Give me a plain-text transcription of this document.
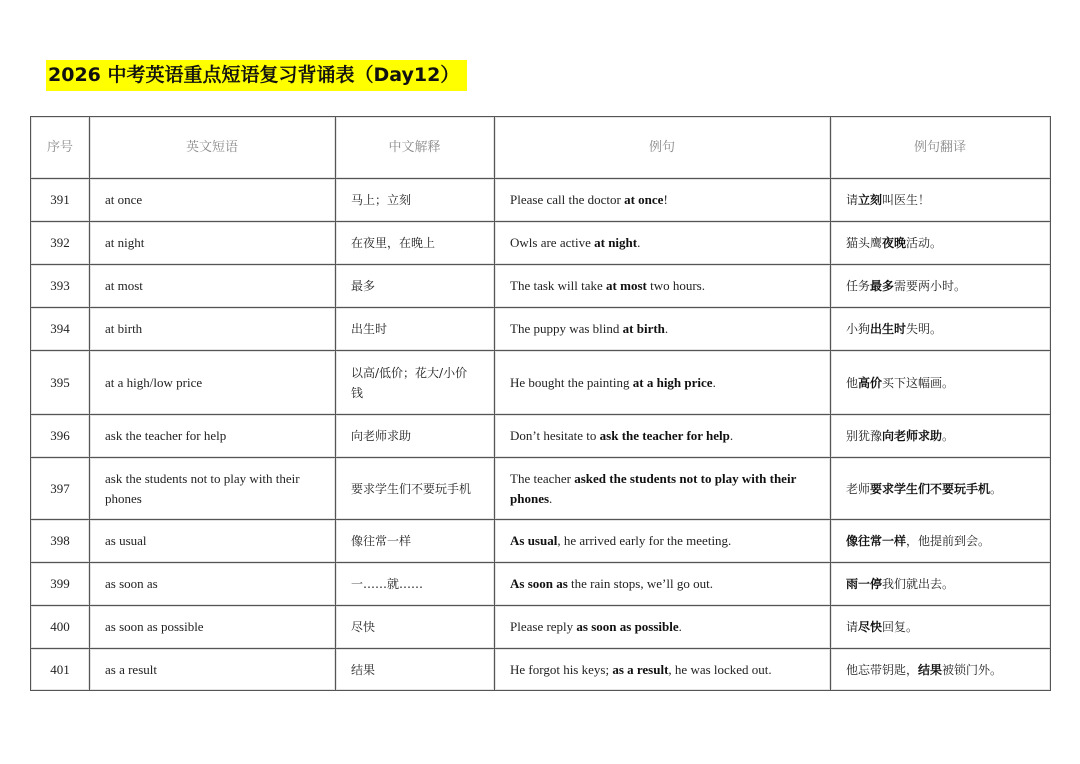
2026 中考英语重点短语复习背诵表（Day12）
序号	英文短语	中文解释	例句	例句翻译
391	at once	马上；立刻	Please call the doctor at once!	请立刻叫医生！
392	at night	在夜里，在晚上	Owls are active at night.	猫头鹰夜晚活动。
393	at most	最多	The task will take at most two hours.	任务最多需要两小时。
394	at birth	出生时	The puppy was blind at birth.	小狗出生时失明。
395	at a high/low price	以高/低价；花大/小价钱	He bought the painting at a high price.	他高价买下这幅画。
396	ask the teacher for help	向老师求助	Don’t hesitate to ask the teacher for help.	别犹豫向老师求助。
397	ask the students not to play with their phones	要求学生们不要玩手机	The teacher asked the students not to play with their phones.	老师要求学生们不要玩手机。
398	as usual	像往常一样	As usual, he arrived early for the meeting.	像往常一样，他提前到会。
399	as soon as	一……就……	As soon as the rain stops, we’ll go out.	雨一停我们就出去。
400	as soon as possible	尽快	Please reply as soon as possible.	请尽快回复。
401	as a result	结果	He forgot his keys; as a result, he was locked out.	他忘带钥匙，结果被锁门外。
